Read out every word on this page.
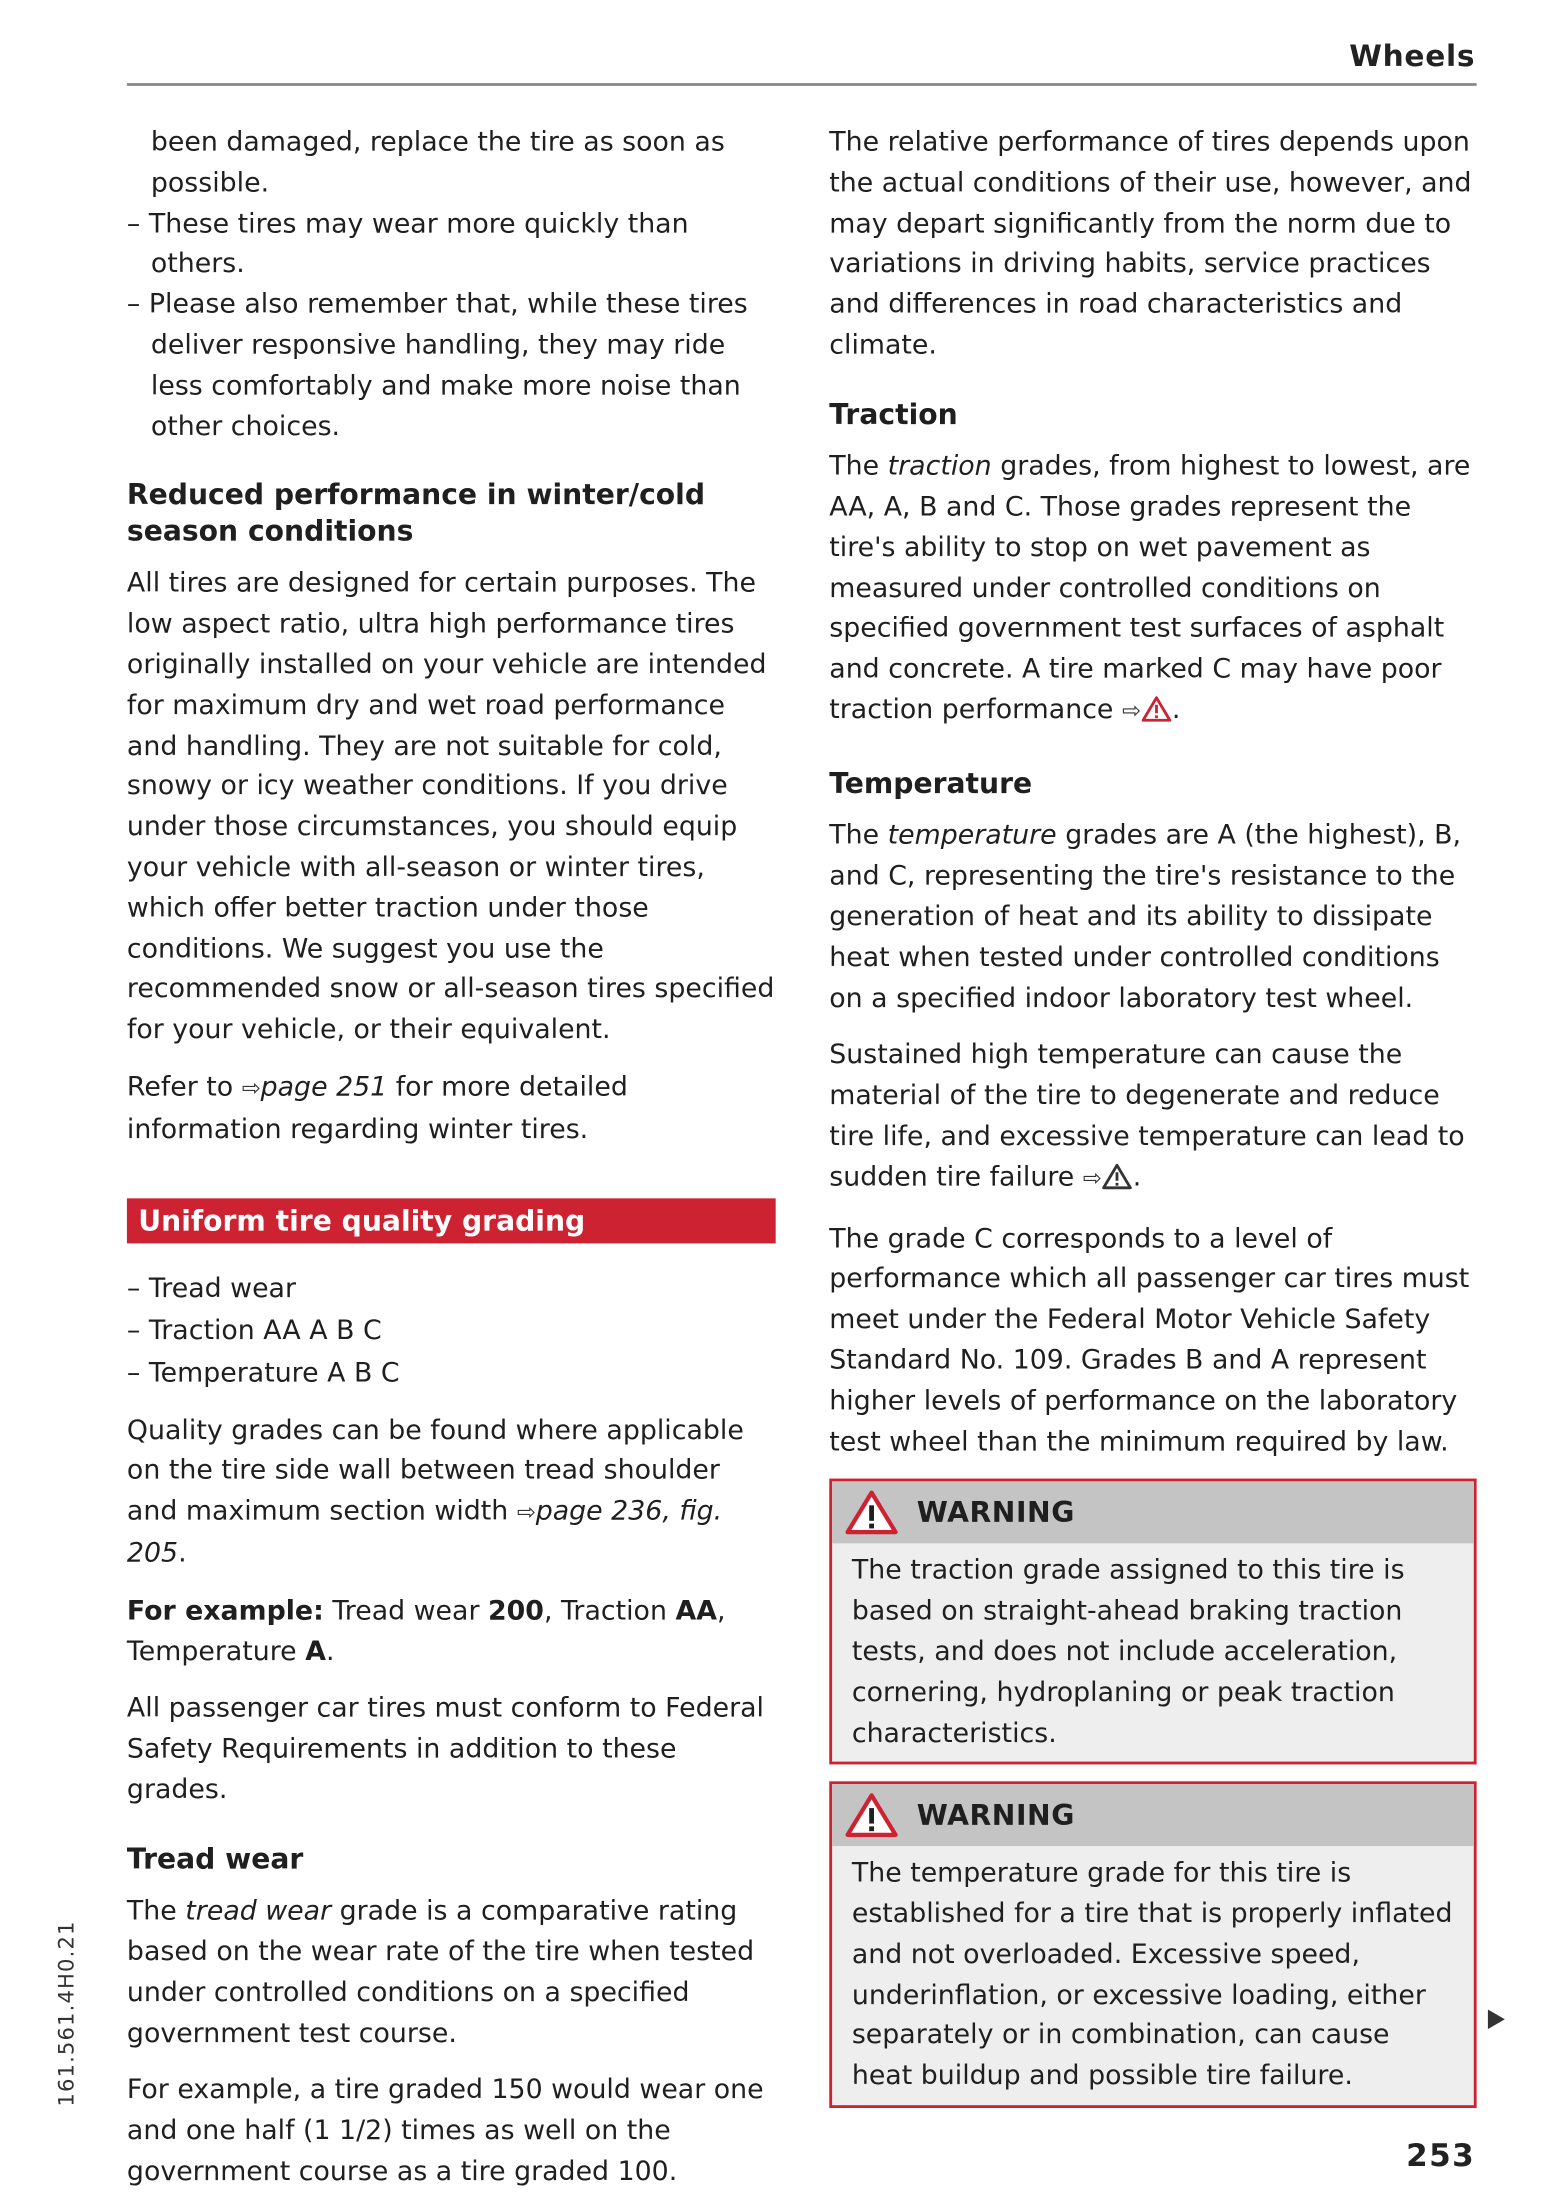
Wheels

been damaged, replace the tire as soon as possible.

– These tires may wear more quickly than others.

– Please also remember that, while these tires deliver responsive handling, they may ride less comfortably and make more noise than other choices.

Reduced performance in winter/cold season conditions

All tires are designed for certain purposes. The low aspect ratio, ultra high performance tires originally installed on your vehicle are intended for maximum dry and wet road performance and handling. They are not suitable for cold, snowy or icy weather conditions. If you drive under those circumstances, you should equip your vehicle with all-season or winter tires, which offer better traction under those conditions. We suggest you use the recommended snow or all-season tires specified for your vehicle, or their equivalent.

Refer to ⇨page 251 for more detailed information regarding winter tires.

Uniform tire quality grading

– Tread wear

– Traction AA A B C

– Temperature A B C

Quality grades can be found where applicable on the tire side wall between tread shoulder and maximum section width ⇨page 236, fig. 205.

For example: Tread wear 200, Traction AA, Temperature A.

All passenger car tires must conform to Federal Safety Requirements in addition to these grades.

Tread wear

The tread wear grade is a comparative rating based on the wear rate of the tire when tested under controlled conditions on a specified government test course.

For example, a tire graded 150 would wear one and one half (1 1/2) times as well on the government course as a tire graded 100.

The relative performance of tires depends upon the actual conditions of their use, however, and may depart significantly from the norm due to variations in driving habits, service practices and differences in road characteristics and climate.

Traction

The traction grades, from highest to lowest, are AA, A, B and C. Those grades represent the tire's ability to stop on wet pavement as measured under controlled conditions on specified government test surfaces of asphalt and concrete. A tire marked C may have poor traction performance ⇨ .

Temperature

The temperature grades are A (the highest), B, and C, representing the tire's resistance to the generation of heat and its ability to dissipate heat when tested under controlled conditions on a specified indoor laboratory test wheel.

Sustained high temperature can cause the material of the tire to degenerate and reduce tire life, and excessive temperature can lead to sudden tire failure ⇨ .

The grade C corresponds to a level of performance which all passenger car tires must meet under the Federal Motor Vehicle Safety Standard No. 109. Grades B and A represent higher levels of performance on the laboratory test wheel than the minimum required by law.

WARNING

The traction grade assigned to this tire is based on straight-ahead braking traction tests, and does not include acceleration, cornering, hydroplaning or peak traction characteristics.

WARNING

The temperature grade for this tire is established for a tire that is properly inflated and not overloaded. Excessive speed, underinflation, or excessive loading, either separately or in combination, can cause heat buildup and possible tire failure.

161.561.4H0.21
253
